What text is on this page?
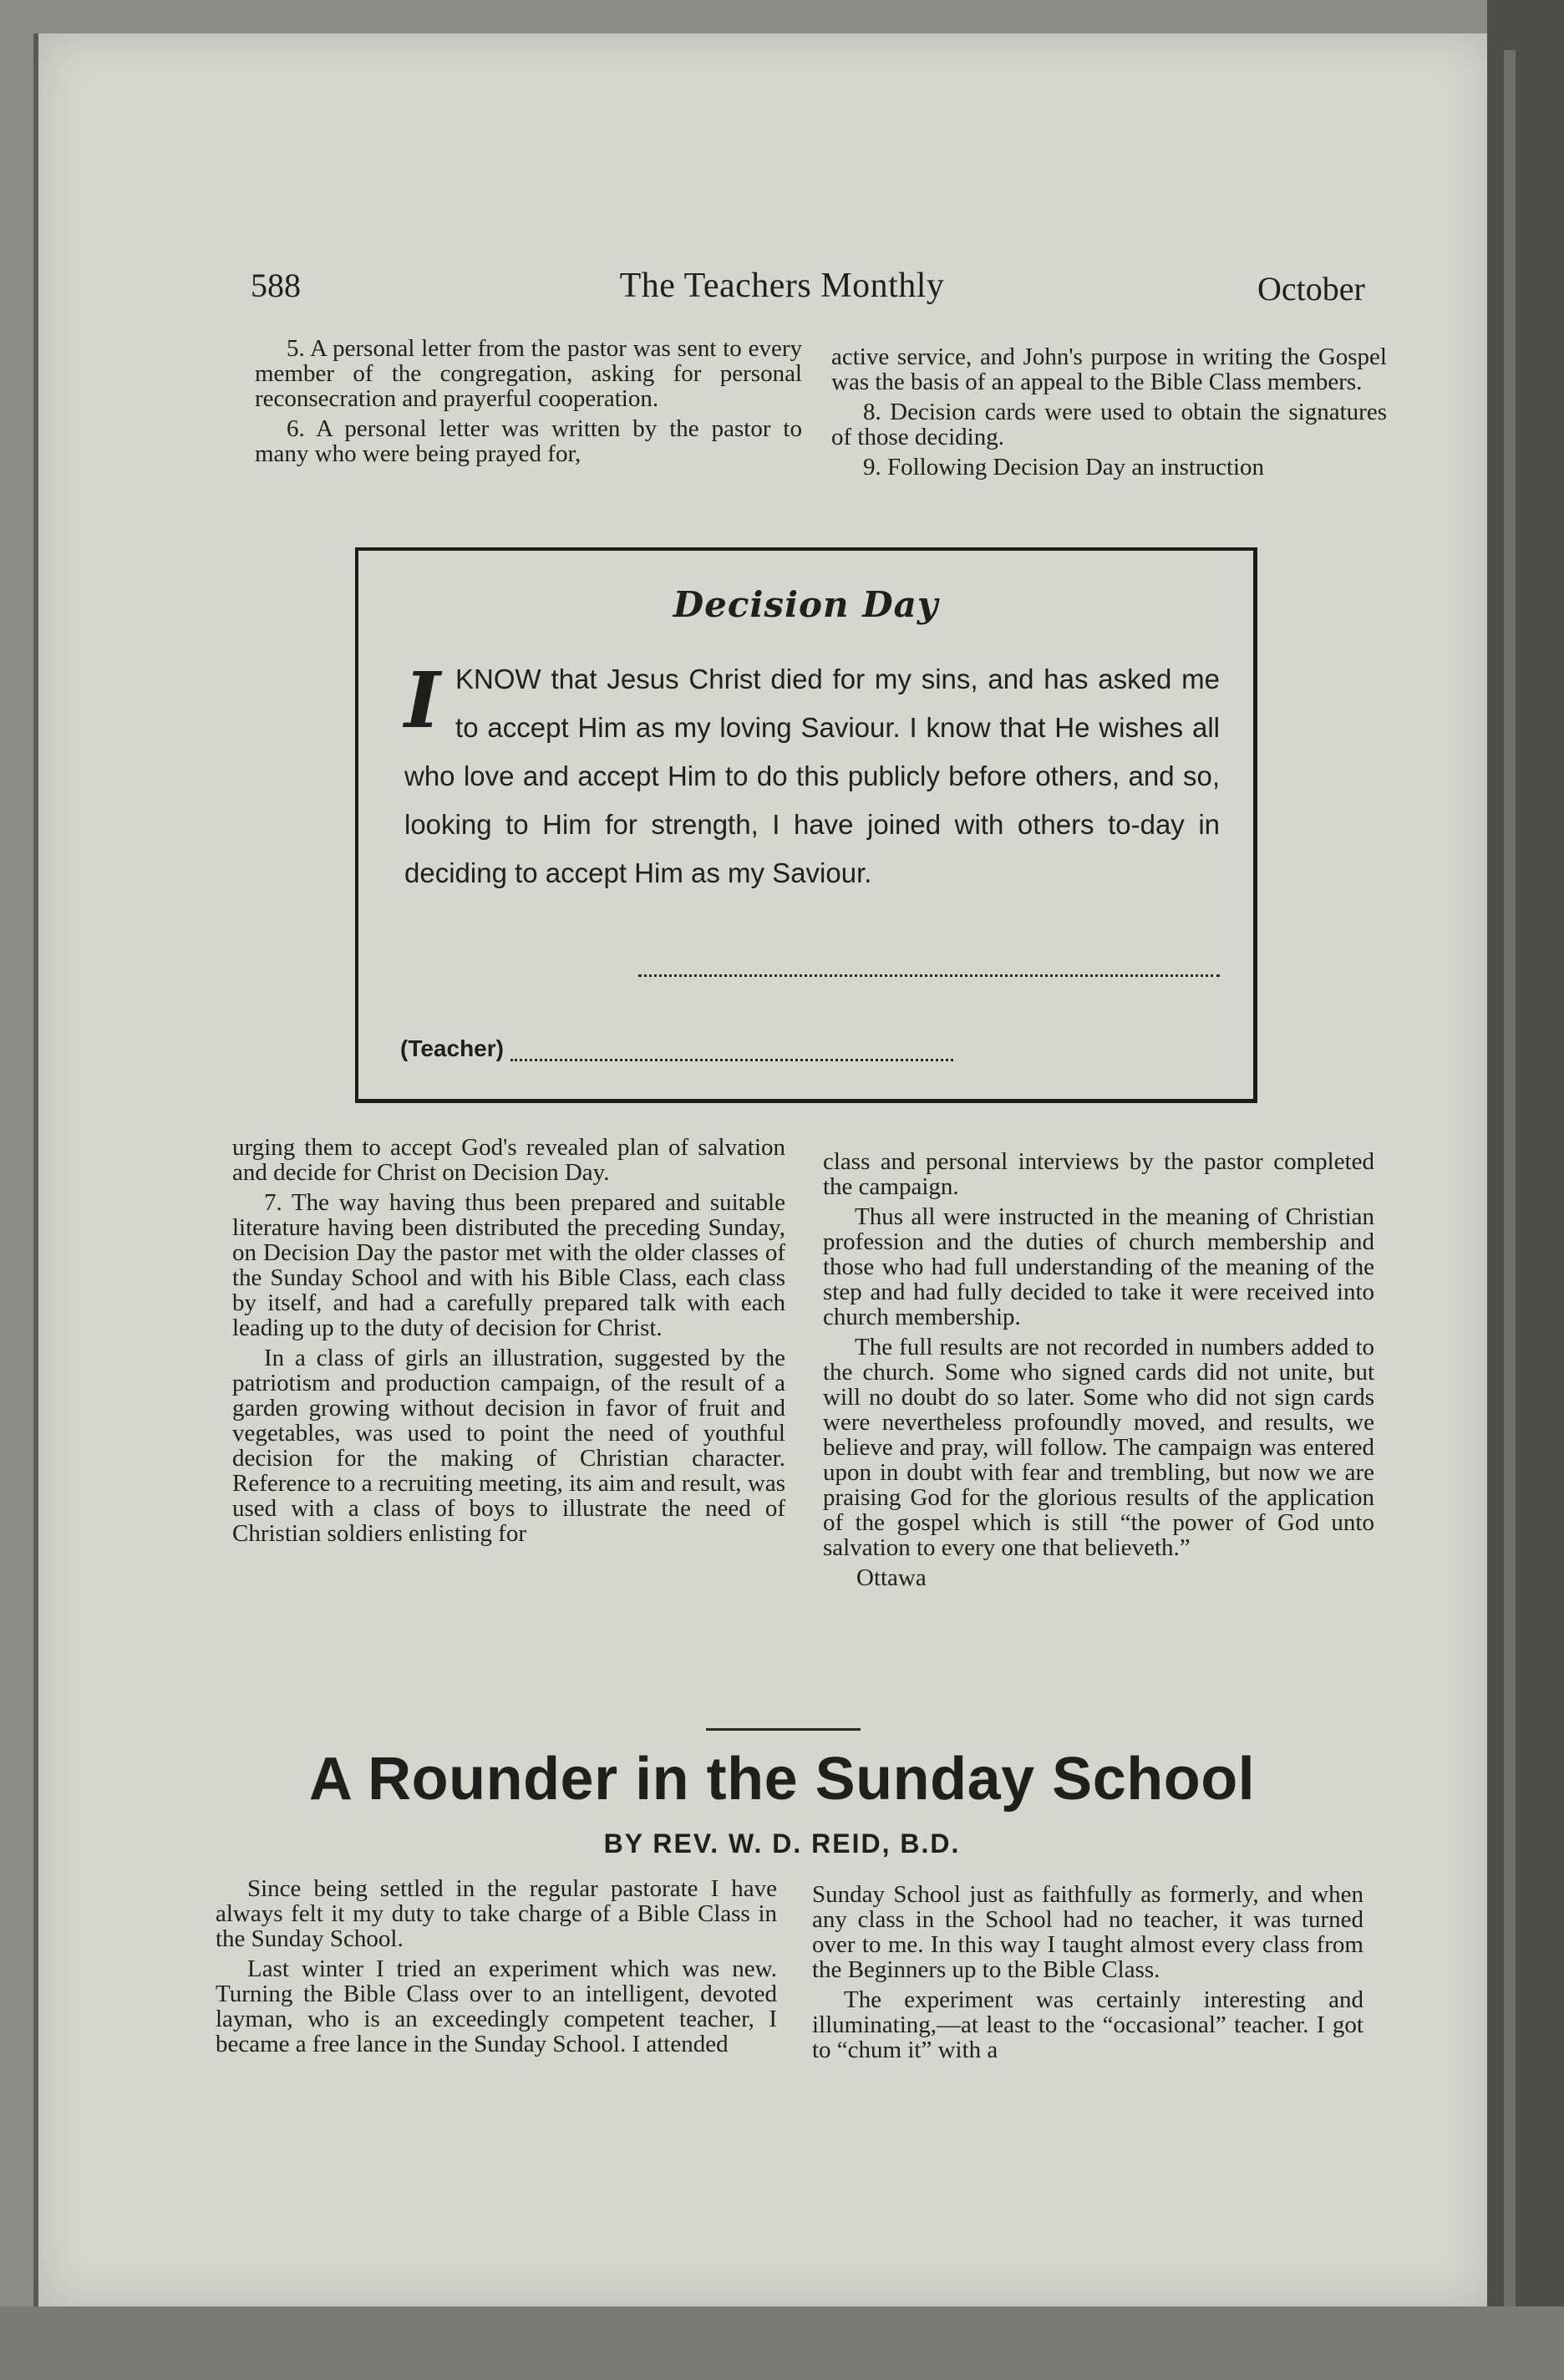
588	The Teachers Monthly	October

5. A personal letter from the pastor was sent to every member of the congregation, asking for personal reconsecration and prayerful cooperation.

6. A personal letter was written by the pastor to many who were being prayed for,

active service, and John's purpose in writing the Gospel was the basis of an appeal to the Bible Class members.

8. Decision cards were used to obtain the signatures of those deciding.

9. Following Decision Day an instruction

Decision Day
IKNOW that Jesus Christ died for my sins, and has asked me to accept Him as my loving Saviour. I know that He wishes all who love and accept Him to do this publicly before others, and so, looking to Him for strength, I have joined with others to-day in deciding to accept Him as my Saviour.
(Teacher)

urging them to accept God's revealed plan of salvation and decide for Christ on Decision Day.

7. The way having thus been prepared and suitable literature having been distributed the preceding Sunday, on Decision Day the pastor met with the older classes of the Sunday School and with his Bible Class, each class by itself, and had a carefully prepared talk with each leading up to the duty of decision for Christ.

In a class of girls an illustration, suggested by the patriotism and production campaign, of the result of a garden growing without decision in favor of fruit and vegetables, was used to point the need of youthful decision for the making of Christian character. Reference to a recruiting meeting, its aim and result, was used with a class of boys to illustrate the need of Christian soldiers enlisting for

class and personal interviews by the pastor completed the campaign.

Thus all were instructed in the meaning of Christian profession and the duties of church membership and those who had full understanding of the meaning of the step and had fully decided to take it were received into church membership.

The full results are not recorded in numbers added to the church. Some who signed cards did not unite, but will no doubt do so later. Some who did not sign cards were nevertheless profoundly moved, and results, we believe and pray, will follow. The campaign was entered upon in doubt with fear and trembling, but now we are praising God for the glorious results of the application of the gospel which is still “the power of God unto salvation to every one that believeth.”

Ottawa

A Rounder in the Sunday School
BY REV. W. D. REID, B.D.

Since being settled in the regular pastorate I have always felt it my duty to take charge of a Bible Class in the Sunday School.

Last winter I tried an experiment which was new. Turning the Bible Class over to an intelligent, devoted layman, who is an exceedingly competent teacher, I became a free lance in the Sunday School. I attended

Sunday School just as faithfully as formerly, and when any class in the School had no teacher, it was turned over to me. In this way I taught almost every class from the Beginners up to the Bible Class.

The experiment was certainly interesting and illuminating,—at least to the “occasional” teacher. I got to “chum it” with a
